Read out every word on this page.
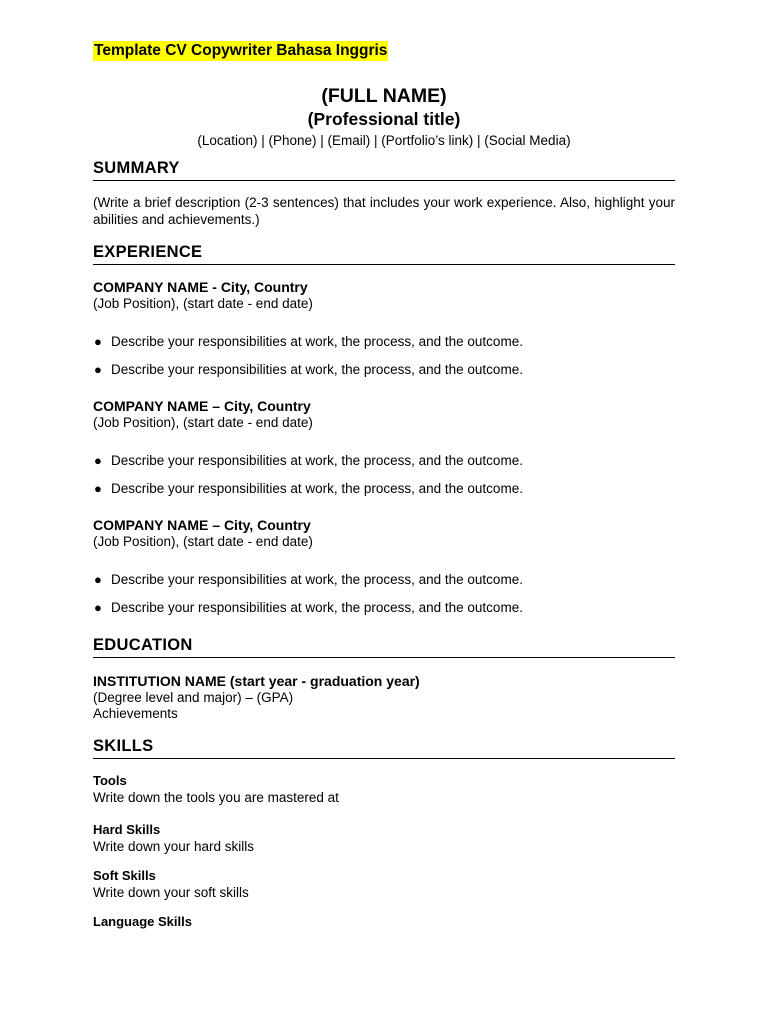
Template CV Copywriter Bahasa Inggris
(FULL NAME)
(Professional title)
(Location) | (Phone) | (Email) | (Portfolio’s link) | (Social Media)
SUMMARY
(Write a brief description (2-3 sentences) that includes your work experience. Also, highlight your abilities and achievements.)
EXPERIENCE
COMPANY NAME - City, Country
(Job Position), (start date - end date)
● Describe your responsibilities at work, the process, and the outcome.
● Describe your responsibilities at work, the process, and the outcome.
COMPANY NAME – City, Country
(Job Position), (start date - end date)
● Describe your responsibilities at work, the process, and the outcome.
● Describe your responsibilities at work, the process, and the outcome.
COMPANY NAME – City, Country
(Job Position), (start date - end date)
● Describe your responsibilities at work, the process, and the outcome.
● Describe your responsibilities at work, the process, and the outcome.
EDUCATION
INSTITUTION NAME (start year - graduation year)
(Degree level and major) – (GPA)
Achievements
SKILLS
Tools
Write down the tools you are mastered at
Hard Skills
Write down your hard skills
Soft Skills
Write down your soft skills
Language Skills
